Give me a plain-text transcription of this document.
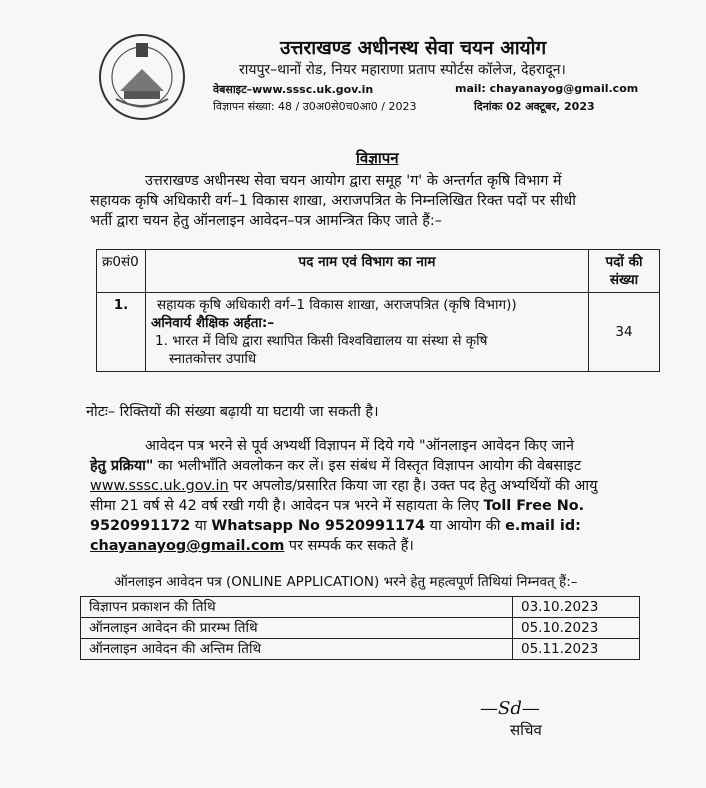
उत्तराखण्ड अधीनस्थ सेवा चयन आयोग
रायपुर–थानों रोड, नियर महाराणा प्रताप स्पोर्टस कॉलेज, देहरादून।
वेबसाइट–www.sssc.uk.gov.in	mail: chayanayog@gmail.com
विज्ञापन संख्या: 48 / उ0अ0से0च0आ0 / 2023	दिनांकः 02 अक्टूबर, 2023
विज्ञापन
उत्तराखण्ड अधीनस्थ सेवा चयन आयोग द्वारा समूह 'ग' के अन्तर्गत कृषि विभाग में
सहायक कृषि अधिकारी वर्ग–1 विकास शाखा, अराजपत्रित के निम्नलिखित रिक्त पदों पर सीधी
भर्ती द्वारा चयन हेतु ऑनलाइन आवेदन–पत्र आमन्त्रित किए जाते हैं:–
क्र0सं0	पद नाम एवं विभाग का नाम	पदों की संख्या
1.	सहायक कृषि अधिकारी वर्ग–1 विकास शाखा, अराजपत्रित (कृषि विभाग))
अनिवार्य शैक्षिक अर्हता:–
1. भारत में विधि द्वारा स्थापित किसी विश्वविद्यालय या संस्था से कृषि
स्नातकोत्तर उपाधि	34
नोटः– रिक्तियों की संख्या बढ़ायी या घटायी जा सकती है।
आवेदन पत्र भरने से पूर्व अभ्यर्थी विज्ञापन में दिये गये "ऑनलाइन आवेदन किए जाने
हेतु प्रक्रिया" का भलीभाँति अवलोकन कर लें। इस संबंध में विस्तृत विज्ञापन आयोग की वेबसाइट
www.sssc.uk.gov.in पर अपलोड/प्रसारित किया जा रहा है। उक्त पद हेतु अभ्यर्थियों की आयु
सीमा 21 वर्ष से 42 वर्ष रखी गयी है। आवेदन पत्र भरने में सहायता के लिए Toll Free No.
9520991172 या Whatsapp No 9520991174 या आयोग की e.mail id:
chayanayog@gmail.com पर सम्पर्क कर सकते हैं।
ऑनलाइन आवेदन पत्र (ONLINE APPLICATION) भरने हेतु महत्वपूर्ण तिथियां निम्नवत् हैं:–
विज्ञापन प्रकाशन की तिथि	03.10.2023
ऑनलाइन आवेदन की प्रारम्भ तिथि	05.10.2023
ऑनलाइन आवेदन की अन्तिम तिथि	05.11.2023
—Sd—
सचिव
